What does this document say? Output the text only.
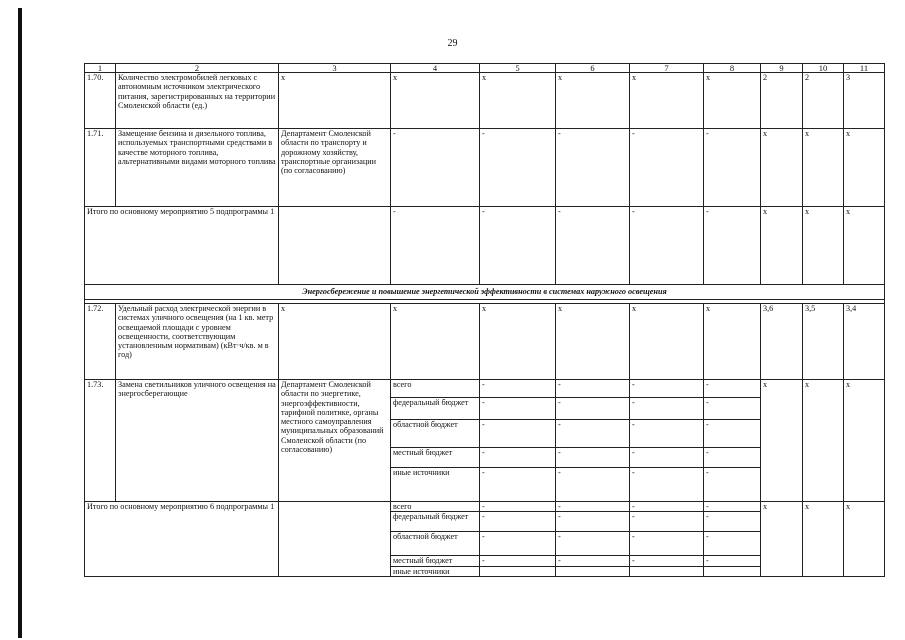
29
1	2	3	4	5	6	7	8	9	10	11
1.70.	Количество электромобилей легковых с автономным источником электрического питания, зарегистрированных на территории Смоленской области (ед.)	x	x	x	x	x	x	2	2	3
1.71.	Замещение бензина и дизельного топлива, используемых транспортными средствами в качестве моторного топлива, альтернативными видами моторного топлива	Департамент Смоленской области по транспорту и дорожному хозяйству, транспортные организации (по согласованию)	-	-	-	-	-	x	x	x
Итого по основному мероприятию 5 подпрограммы 1			-	-	-	-	-	x	x	x
Энергосбережение и повышение энергетической эффективности в системах наружного освещения										

1.72.	Удельный расход электрической энергии в системах уличного освещения (на 1 кв. метр освещаемой площади с уровнем освещенности, соответствующим установленным нормативам) (кВт·ч/кв. м в год)	x	x	x	x	x	x	3,6	3,5	3,4
1.73.	Замена светильников уличного освещения на энергосберегающие	Департамент Смоленской области по энергетике, энергоэффективности, тарифной политике, органы местного самоуправления муниципальных образований Смоленской области (по согласованию)	всего	-	-	-	-	x	x	x
			федеральный бюджет	-	-	-	-			
			областной бюджет	-	-	-	-			
			местный бюджет	-	-	-	-			
			иные источники	-	-	-	-			
Итого по основному мероприятию 6 подпрограммы 1			всего	-	-	-	-	x	x	x
			федеральный бюджет	-	-	-	-			
			областной бюджет	-	-	-	-			
			местный бюджет	-	-	-	-			
			иные источники							
